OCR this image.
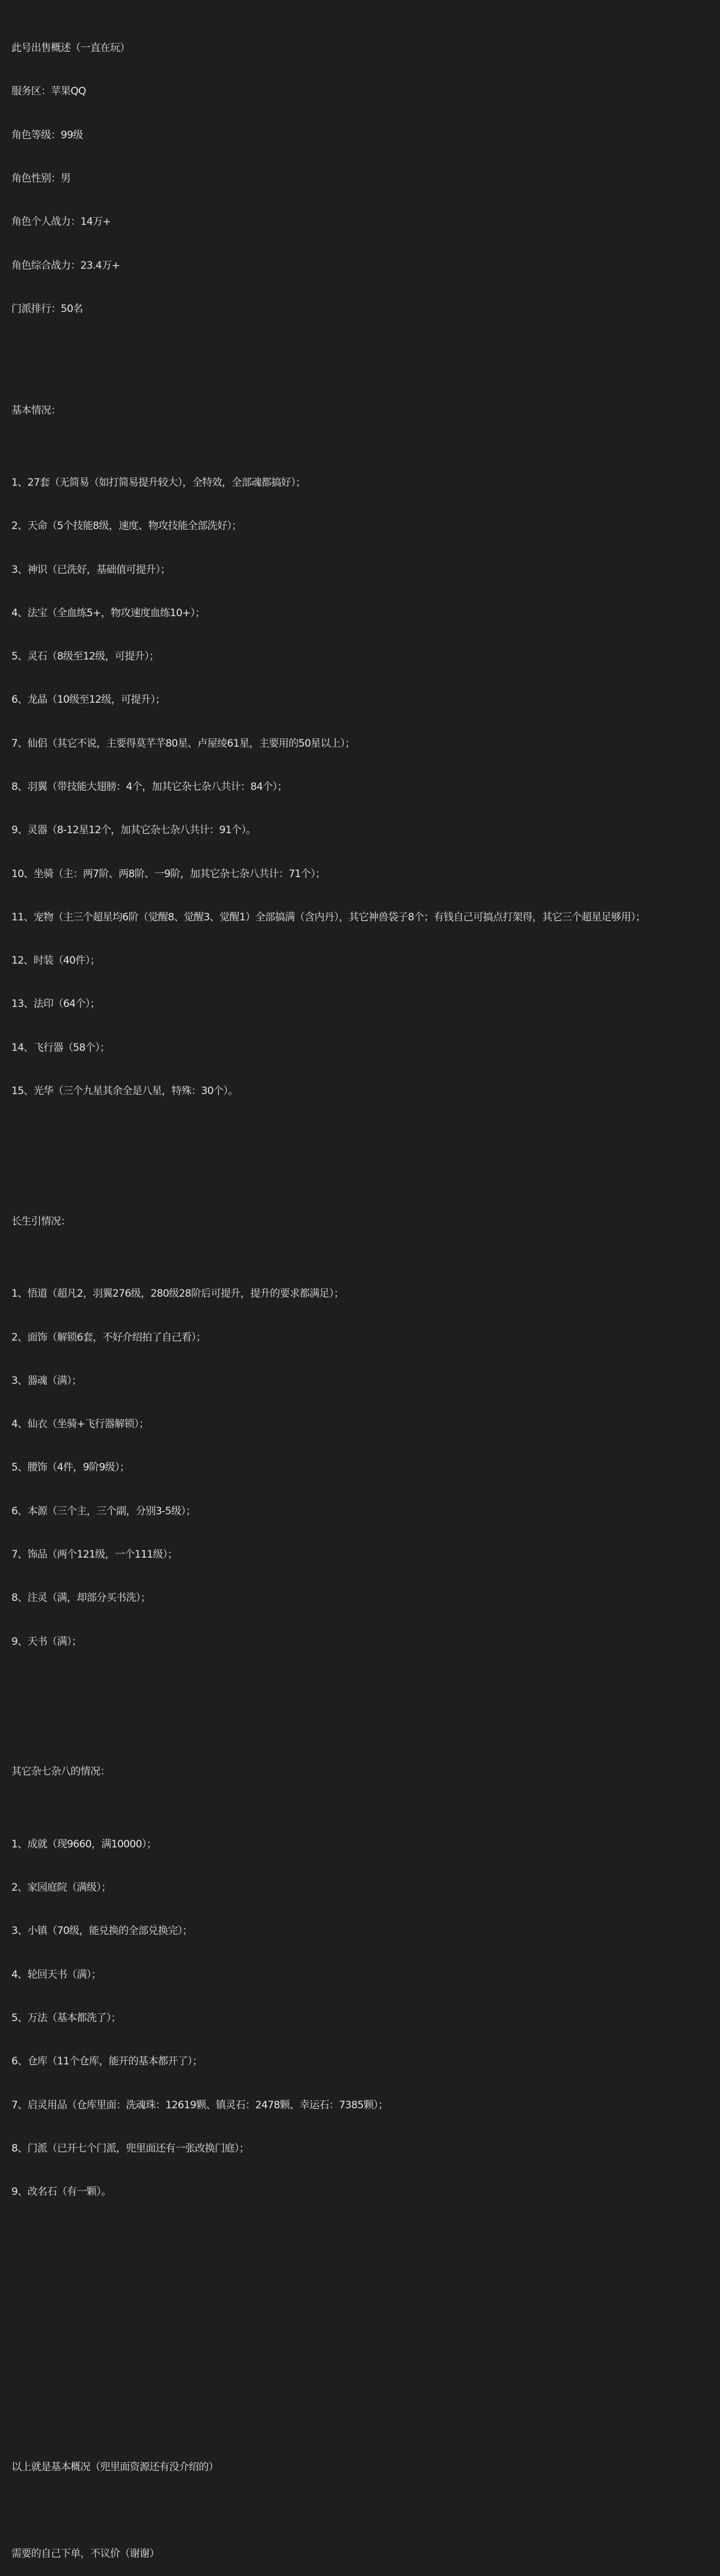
此号出售概述（一直在玩）

服务区：苹果QQ

角色等级：99级

角色性别：男

角色个人战力：14万+

角色综合战力：23.4万+

门派排行：50名

基本情况：

1、27套（无简易（如打简易提升较大），全特效，全部魂都搞好）；

2、天命（5个技能8级，速度、物攻技能全部洗好）；

3、神识（已洗好，基础值可提升）；

4、法宝（全血练5+，物攻速度血练10+）；

5、灵石（8级至12级，可提升）；

6、龙晶（10级至12级，可提升）；

7、仙侣（其它不说，主要得莫芊芊80星、卢屋绫61星，主要用的50星以上）；

8、羽翼（带技能大翅膀：4个，加其它杂七杂八共计：84个）；

9、灵器（8-12星12个，加其它杂七杂八共计：91个）。

10、坐骑（主：两7阶、两8阶、一9阶，加其它杂七杂八共计：71个）；

11、宠物（主三个超星均6阶（觉醒8、觉醒3、觉醒1）全部搞满（含内丹），其它神兽袋子8个；有钱自己可搞点打架得，其它三个超星足够用）；

12、时装（40件）；

13、法印（64个）；

14、飞行器（58个）；

15、光华（三个九星其余全是八星，特殊：30个）。

长生引情况：

1、悟道（超凡2，羽翼276级，280级28阶后可提升，提升的要求都满足）；

2、面饰（解锁6套，不好介绍拍了自己看）；

3、器魂（满）；

4、仙衣（坐骑+飞行器解锁）；

5、腰饰（4件，9阶9级）；

6、本源（三个主，三个副，分别3-5级）；

7、饰品（两个121级，一个111级）；

8、注灵（满，却部分买书洗）；

9、天书（满）；

其它杂七杂八的情况：

1、成就（现9660，满10000）；

2、家园庭院（满级）；

3、小镇（70级，能兑换的全部兑换完）；

4、轮回天书（满）；

5、万法（基本都洗了）；

6、仓库（11个仓库，能开的基本都开了）；

7、启灵用品（仓库里面：洗魂珠：12619颗、镇灵石：2478颗、幸运石：7385颗）；

8、门派（已开七个门派，兜里面还有一张改换门庭）；

9、改名石（有一颗）。

以上就是基本概况（兜里面资源还有没介绍的）

需要的自己下单，不议价（谢谢）
